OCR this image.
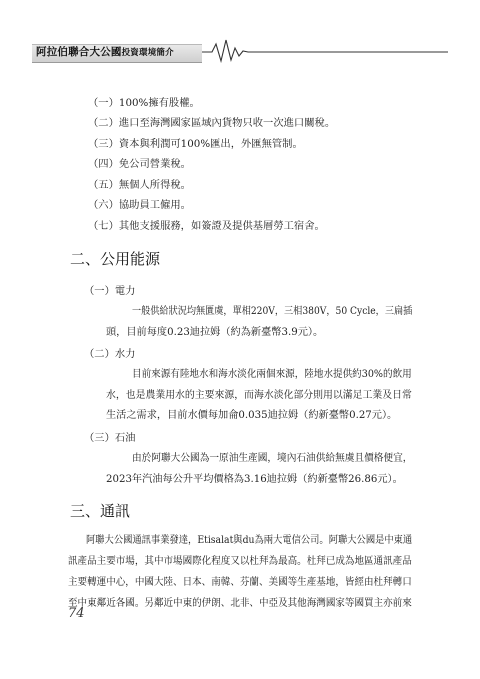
阿拉伯聯合大公國投資環境簡介
（一）100%擁有股權。
（二）進口至海灣國家區域內貨物只收一次進口關稅。
（三）資本與利潤可100%匯出，外匯無管制。
（四）免公司營業稅。
（五）無個人所得稅。
（六）協助員工僱用。
（七）其他支援服務，如簽證及提供基層勞工宿舍。
二、公用能源
（一）電力
一般供給狀況均無匱虞，單相220V，三相380V，50 Cycle，三扁插
頭，目前每度0.23迪拉姆（約為新臺幣3.9元）。
（二）水力
目前來源有陸地水和海水淡化兩個來源，陸地水提供約30%的飲用
水，也是農業用水的主要來源，而海水淡化部分則用以滿足工業及日常
生活之需求，目前水價每加侖0.035迪拉姆（約新臺幣0.27元）。
（三）石油
由於阿聯大公國為一原油生產國，境內石油供給無虞且價格便宜，
2023年汽油每公升平均價格為3.16迪拉姆（約新臺幣26.86元）。
三、通訊
阿聯大公國通訊事業發達，Etisalat與du為兩大電信公司。阿聯大公國是中東通
訊產品主要市場，其中市場國際化程度又以杜拜為最高。杜拜已成為地區通訊產品
主要轉運中心，中國大陸、日本、南韓、芬蘭、美國等生產基地，皆經由杜拜轉口
至中東鄰近各國。另鄰近中東的伊朗、北非、中亞及其他海灣國家等國買主亦前來
74
